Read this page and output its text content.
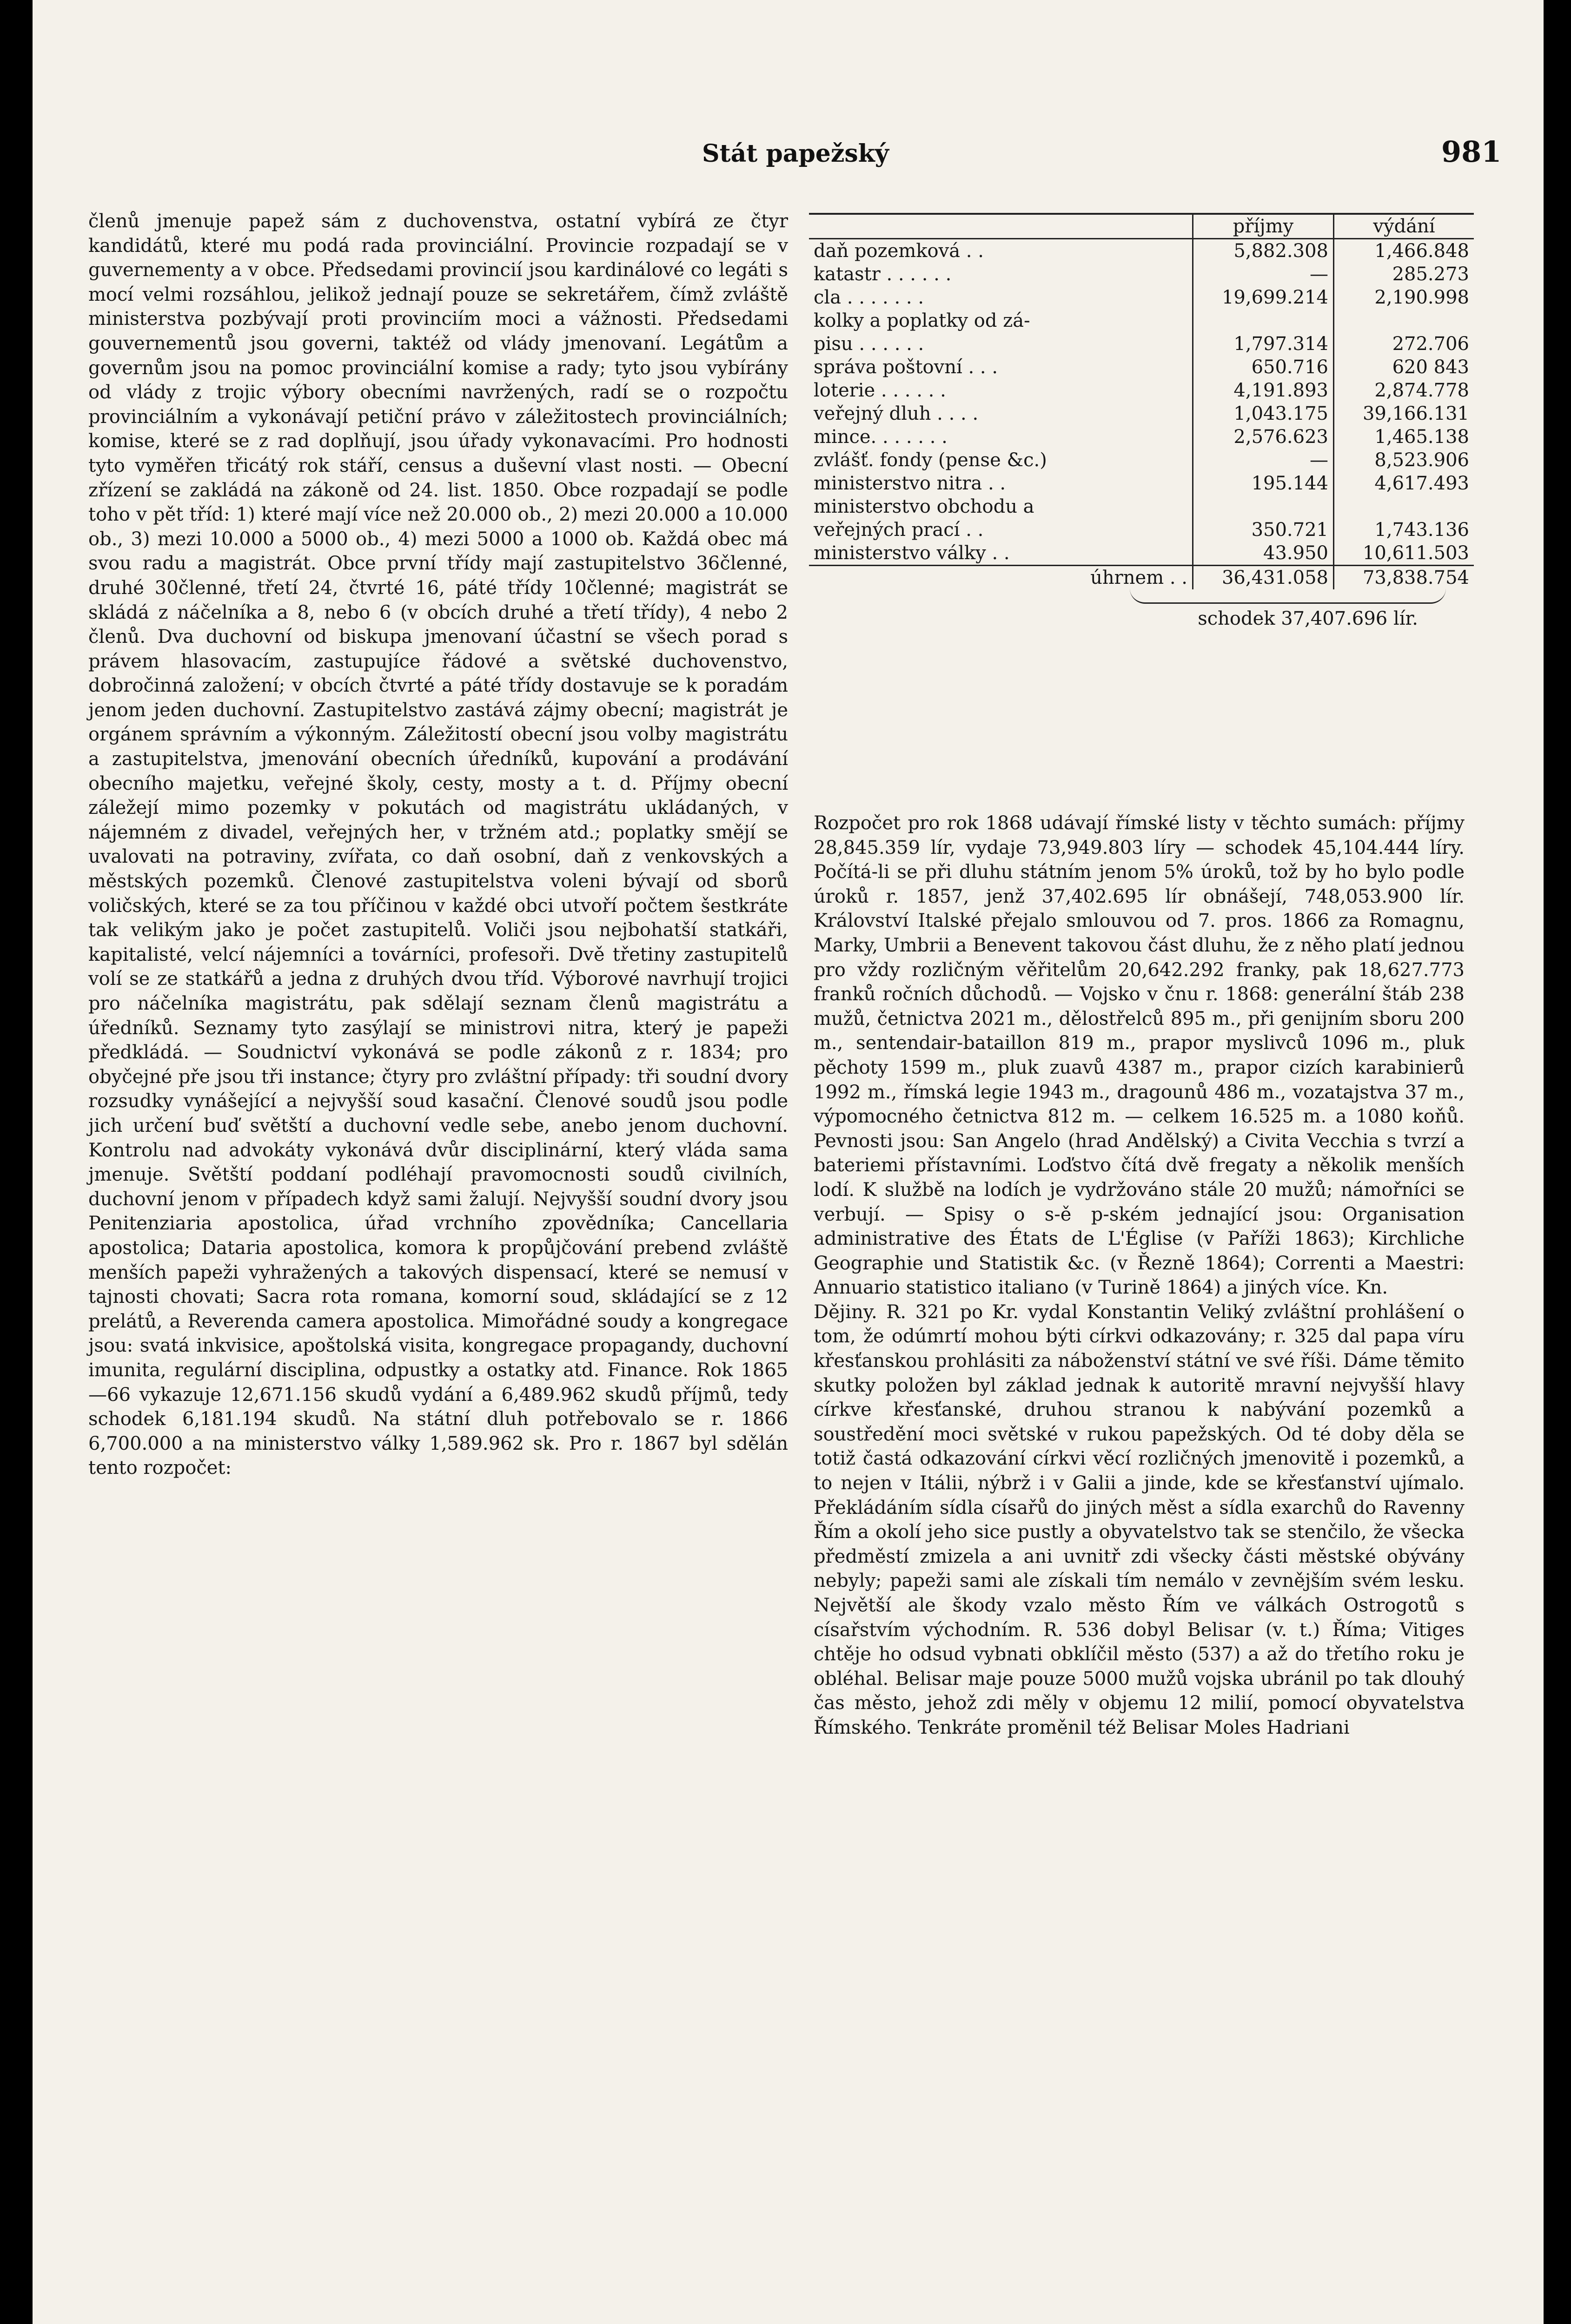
Stát papežský	981

členů jmenuje papež sám z duchovenstva, ostatní vybírá ze čtyr kandidátů, které mu podá rada provinciální. Provincie rozpadají se v guvernementy a v obce. Předsedami provincií jsou kardinálové co legáti s mocí velmi rozsáhlou, jelikož jednají pouze se sekretářem, čímž zvláště ministerstva pozbývají proti provinciím moci a vážnosti. Předsedami gouvernementů jsou governi, taktéž od vlády jmenovaní. Legátům a governům jsou na pomoc provinciální komise a rady; tyto jsou vybírány od vlády z trojic výbory obecními navržených, radí se o rozpočtu provinciálním a vykonávají petiční právo v záležitostech provinciálních; komise, které se z rad doplňují, jsou úřady vykonavacími. Pro hodnosti tyto vyměřen třicátý rok stáří, census a duševní vlast nosti. — Obecní zřízení se zakládá na zákoně od 24. list. 1850. Obce rozpadají se podle toho v pět tříd: 1) které mají více než 20.000 ob., 2) mezi 20.000 a 10.000 ob., 3) mezi 10.000 a 5000 ob., 4) mezi 5000 a 1000 ob. Každá obec má svou radu a magistrát. Obce první třídy mají zastupitelstvo 36členné, druhé 30členné, třetí 24, čtvrté 16, páté třídy 10členné; magistrát se skládá z náčelníka a 8, nebo 6 (v obcích druhé a třetí třídy), 4 nebo 2 členů. Dva duchovní od biskupa jmenovaní účastní se všech porad s právem hlasovacím, zastupujíce řádové a světské duchovenstvo, dobročinná založení; v obcích čtvrté a páté třídy dostavuje se k poradám jenom jeden duchovní. Zastupitelstvo zastává zájmy obecní; magistrát je orgánem správním a výkonným. Záležitostí obecní jsou volby magistrátu a zastupitelstva, jmenování obecních úředníků, kupování a prodávání obecního majetku, veřejné školy, cesty, mosty a t. d. Příjmy obecní záležejí mimo pozemky v pokutách od magistrátu ukládaných, v nájemném z divadel, veřejných her, v tržném atd.; poplatky smějí se uvalovati na potraviny, zvířata, co daň osobní, daň z venkovských a městských pozemků. Členové zastupitelstva voleni bývají od sborů voličských, které se za tou příčinou v každé obci utvoří počtem šestkráte tak velikým jako je počet zastupitelů. Voliči jsou nejbohatší statkáři, kapitalisté, velcí nájemníci a továrníci, profesoři. Dvě třetiny zastupitelů volí se ze statkářů a jedna z druhých dvou tříd. Výborové navrhují trojici pro náčelníka magistrátu, pak sdělají seznam členů magistrátu a úředníků. Seznamy tyto zasýlají se ministrovi nitra, který je papeži předkládá. — Soudnictví vykonává se podle zákonů z r. 1834; pro obyčejné pře jsou tři instance; čtyry pro zvláštní případy: tři soudní dvory rozsudky vynášející a nejvyšší soud kasační. Členové soudů jsou podle jich určení buď světští a duchovní vedle sebe, anebo jenom duchovní. Kontrolu nad advokáty vykonává dvůr disciplinární, který vláda sama jmenuje. Světští poddaní podléhají pravomocnosti soudů civilních, duchovní jenom v případech když sami žalují. Nejvyšší soudní dvory jsou Penitenziaria apostolica, úřad vrchního zpovědníka; Cancellaria apostolica; Dataria apostolica, komora k propůjčování prebend zvláště menších papeži vyhražených a takových dispensací, které se nemusí v tajnosti chovati; Sacra rota romana, komorní soud, skládající se z 12 prelátů, a Reverenda camera apostolica. Mimořádné soudy a kongregace jsou: svatá inkvisice, apoštolská visita, kongregace propagandy, duchovní imunita, regulární disciplina, odpustky a ostatky atd. Finance. Rok 1865—66 vykazuje 12,671.156 skudů vydání a 6,489.962 skudů příjmů, tedy schodek 6,181.194 skudů. Na státní dluh potřebovalo se r. 1866 6,700.000 a na ministerstvo války 1,589.962 sk. Pro r. 1867 byl sdělán tento rozpočet:

	příjmy	výdání
daň pozemková . .	5,882.308	1,466.848
katastr . . . . . .	—	285.273
cla . . . . . . .	19,699.214	2,190.998
kolky a poplatky od zá-		
pisu . . . . . .	1,797.314	272.706
správa poštovní . . .	650.716	620 843
loterie . . . . . .	4,191.893	2,874.778
veřejný dluh . . . .	1,043.175	39,166.131
mince. . . . . . .	2,576.623	1,465.138
zvlášť. fondy (pense &c.)	—	8,523.906
ministerstvo nitra . .	195.144	4,617.493
ministerstvo obchodu a		
veřejných prací . .	350.721	1,743.136
ministerstvo války . .	43.950	10,611.503
úhrnem . .	36,431.058	73,838.754
schodek 37,407.696 lír.

Rozpočet pro rok 1868 udávají římské listy v těchto sumách: příjmy 28,845.359 lír, vydaje 73,949.803 líry — schodek 45,104.444 líry. Počítá-li se při dluhu státním jenom 5% úroků, tož by ho bylo podle úroků r. 1857, jenž 37,402.695 lír obnášejí, 748,053.900 lír. Království Italské přejalo smlouvou od 7. pros. 1866 za Romagnu, Marky, Umbrii a Benevent takovou část dluhu, že z něho platí jednou pro vždy rozličným věřitelům 20,642.292 franky, pak 18,627.773 franků ročních důchodů. — Vojsko v čnu r. 1868: generální štáb 238 mužů, četnictva 2021 m., dělostřelců 895 m., při genijním sboru 200 m., sentendair-bataillon 819 m., prapor myslivců 1096 m., pluk pěchoty 1599 m., pluk zuavů 4387 m., prapor cizích karabinierů 1992 m., římská legie 1943 m., dragounů 486 m., vozatajstva 37 m., výpomocného četnictva 812 m. — celkem 16.525 m. a 1080 koňů. Pevnosti jsou: San Angelo (hrad Andělský) a Civita Vecchia s tvrzí a bateriemi přístavními. Loďstvo čítá dvě fregaty a několik menších lodí. K službě na lodích je vydržováno stále 20 mužů; námořníci se verbují. — Spisy o s-ě p-ském jednající jsou: Organisation administrative des États de L'Église (v Paříži 1863); Kirchliche Geographie und Statistik &c. (v Řezně 1864); Correnti a Maestri: Annuario statistico italiano (v Turině 1864) a jiných více. Kn.
Dějiny. R. 321 po Kr. vydal Konstantin Veliký zvláštní prohlášení o tom, že odúmrtí mohou býti církvi odkazovány; r. 325 dal papa víru křesťanskou prohlásiti za náboženství státní ve své říši. Dáme těmito skutky položen byl základ jednak k autoritě mravní nejvyšší hlavy církve křesťanské, druhou stranou k nabývání pozemků a soustředění moci světské v rukou papežských. Od té doby děla se totiž častá odkazování církvi věcí rozličných jmenovitě i pozemků, a to nejen v Itálii, nýbrž i v Galii a jinde, kde se křesťanství ujímalo. Překládáním sídla císařů do jiných měst a sídla exarchů do Ravenny Řím a okolí jeho sice pustly a obyvatelstvo tak se stenčilo, že všecka předměstí zmizela a ani uvnitř zdi všecky části městské obývány nebyly; papeži sami ale získali tím nemálo v zevnějším svém lesku. Největší ale škody vzalo město Řím ve válkách Ostrogotů s císařstvím východním. R. 536 dobyl Belisar (v. t.) Říma; Vitiges chtěje ho odsud vybnati obklíčil město (537) a až do třetího roku je obléhal. Belisar maje pouze 5000 mužů vojska ubránil po tak dlouhý čas město, jehož zdi měly v objemu 12 milií, pomocí obyvatelstva Římského. Tenkráte proměnil též Belisar Moles Hadriani
